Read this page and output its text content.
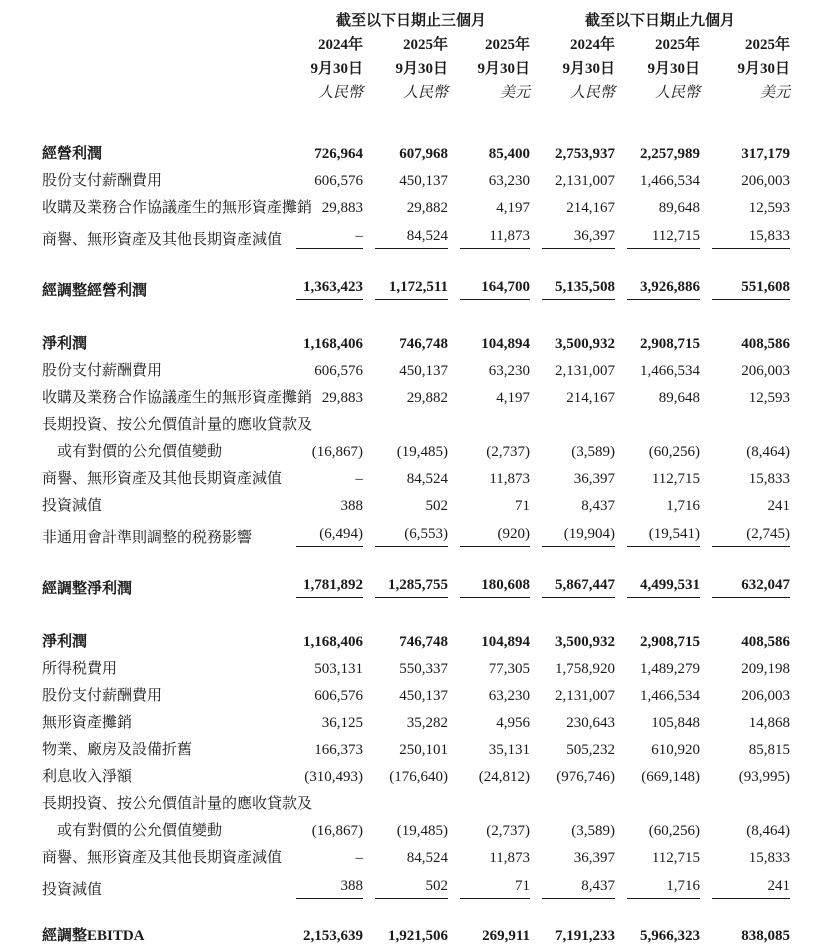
	截至以下日期止三個月			截至以下日期止九個月		
	2024年	2025年	2025年	2024年	2025年	2025年
	9月30日	9月30日	9月30日	9月30日	9月30日	9月30日
	人民幣	人民幣	美元	人民幣	人民幣	美元

經營利潤	726,964	607,968	85,400	2,753,937	2,257,989	317,179

股份支付薪酬費用	606,576	450,137	63,230	2,131,007	1,466,534	206,003

收購及業務合作協議產生的無形資產攤銷	29,883	29,882	4,197	214,167	89,648	12,593

商譽、無形資產及其他長期資產減值	–	84,524	11,873	36,397	112,715	15,833

經調整經營利潤	1,363,423	1,172,511	164,700	5,135,508	3,926,886	551,608

淨利潤	1,168,406	746,748	104,894	3,500,932	2,908,715	408,586

股份支付薪酬費用	606,576	450,137	63,230	2,131,007	1,466,534	206,003

收購及業務合作協議產生的無形資產攤銷	29,883	29,882	4,197	214,167	89,648	12,593

長期投資、按公允價值計量的應收貸款及	

或有對價的公允價值變動	(16,867)	(19,485)	(2,737)	(3,589)	(60,256)	(8,464)

商譽、無形資產及其他長期資產減值	–	84,524	11,873	36,397	112,715	15,833

投資減值	388	502	71	8,437	1,716	241

非通用會計準則調整的税務影響	(6,494)	(6,553)	(920)	(19,904)	(19,541)	(2,745)

經調整淨利潤	1,781,892	1,285,755	180,608	5,867,447	4,499,531	632,047

淨利潤	1,168,406	746,748	104,894	3,500,932	2,908,715	408,586

所得税費用	503,131	550,337	77,305	1,758,920	1,489,279	209,198

股份支付薪酬費用	606,576	450,137	63,230	2,131,007	1,466,534	206,003

無形資產攤銷	36,125	35,282	4,956	230,643	105,848	14,868

物業、廠房及設備折舊	166,373	250,101	35,131	505,232	610,920	85,815

利息收入淨額	(310,493)	(176,640)	(24,812)	(976,746)	(669,148)	(93,995)

長期投資、按公允價值計量的應收貸款及	

或有對價的公允價值變動	(16,867)	(19,485)	(2,737)	(3,589)	(60,256)	(8,464)

商譽、無形資產及其他長期資產減值	–	84,524	11,873	36,397	112,715	15,833

投資減值	388	502	71	8,437	1,716	241

經調整EBITDA	2,153,639	1,921,506	269,911	7,191,233	5,966,323	838,085
